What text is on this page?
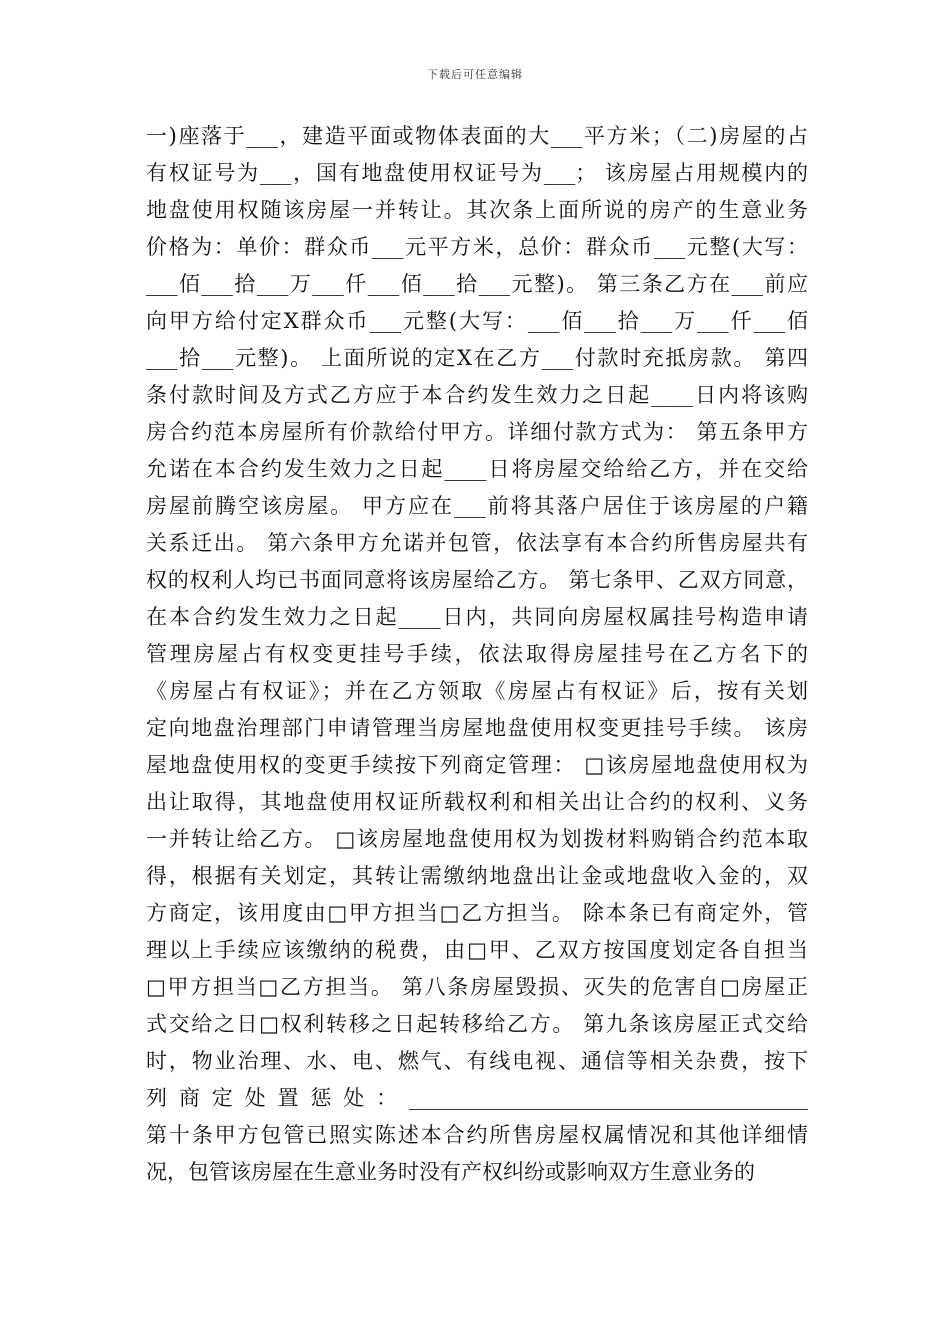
下载后可任意编辑
一)座落于___，建造平面或物体表面的大___平方米；（二)房屋的占
有权证号为___，国有地盘使用权证号为___； 该房屋占用规模内的
地盘使用权随该房屋一并转让。其次条上面所说的房产的生意业务
价格为：单价：群众币___元平方米，总价：群众币___元整(大写：
___佰___拾___万___仟___佰___拾___元整)。 第三条乙方在___前应
向甲方给付定Ⅹ群众币___元整(大写：___佰___拾___万___仟___佰
___拾___元整)。 上面所说的定Ⅹ在乙方___付款时充抵房款。 第四
条付款时间及方式乙方应于本合约发生效力之日起____日内将该购
房合约范本房屋所有价款给付甲方。详细付款方式为： 第五条甲方
允诺在本合约发生效力之日起____日将房屋交给给乙方，并在交给
房屋前腾空该房屋。 甲方应在___前将其落户居住于该房屋的户籍
关系迁出。 第六条甲方允诺并包管，依法享有本合约所售房屋共有
权的权利人均已书面同意将该房屋给乙方。 第七条甲、乙双方同意，
在本合约发生效力之日起____日内，共同向房屋权属挂号构造申请
管理房屋占有权变更挂号手续，依法取得房屋挂号在乙方名下的
《房屋占有权证》；并在乙方领取《房屋占有权证》后，按有关划
定向地盘治理部门申请管理当房屋地盘使用权变更挂号手续。 该房
屋地盘使用权的变更手续按下列商定管理： □该房屋地盘使用权为
出让取得，其地盘使用权证所载权利和相关出让合约的权利、义务
一并转让给乙方。 □该房屋地盘使用权为划拨材料购销合约范本取
得，根据有关划定，其转让需缴纳地盘出让金或地盘收入金的，双
方商定，该用度由□甲方担当□乙方担当。 除本条已有商定外，管
理以上手续应该缴纳的税费，由□甲、乙双方按国度划定各自担当
□甲方担当□乙方担当。 第八条房屋毁损、灭失的危害自□房屋正
式交给之日□权利转移之日起转移给乙方。 第九条该房屋正式交给
时，物业治理、水、电、燃气、有线电视、通信等相关杂费，按下
列商定处置惩处：______________________________________
第十条甲方包管已照实陈述本合约所售房屋权属情况和其他详细情
况，包管该房屋在生意业务时没有产权纠纷或影响双方生意业务的
